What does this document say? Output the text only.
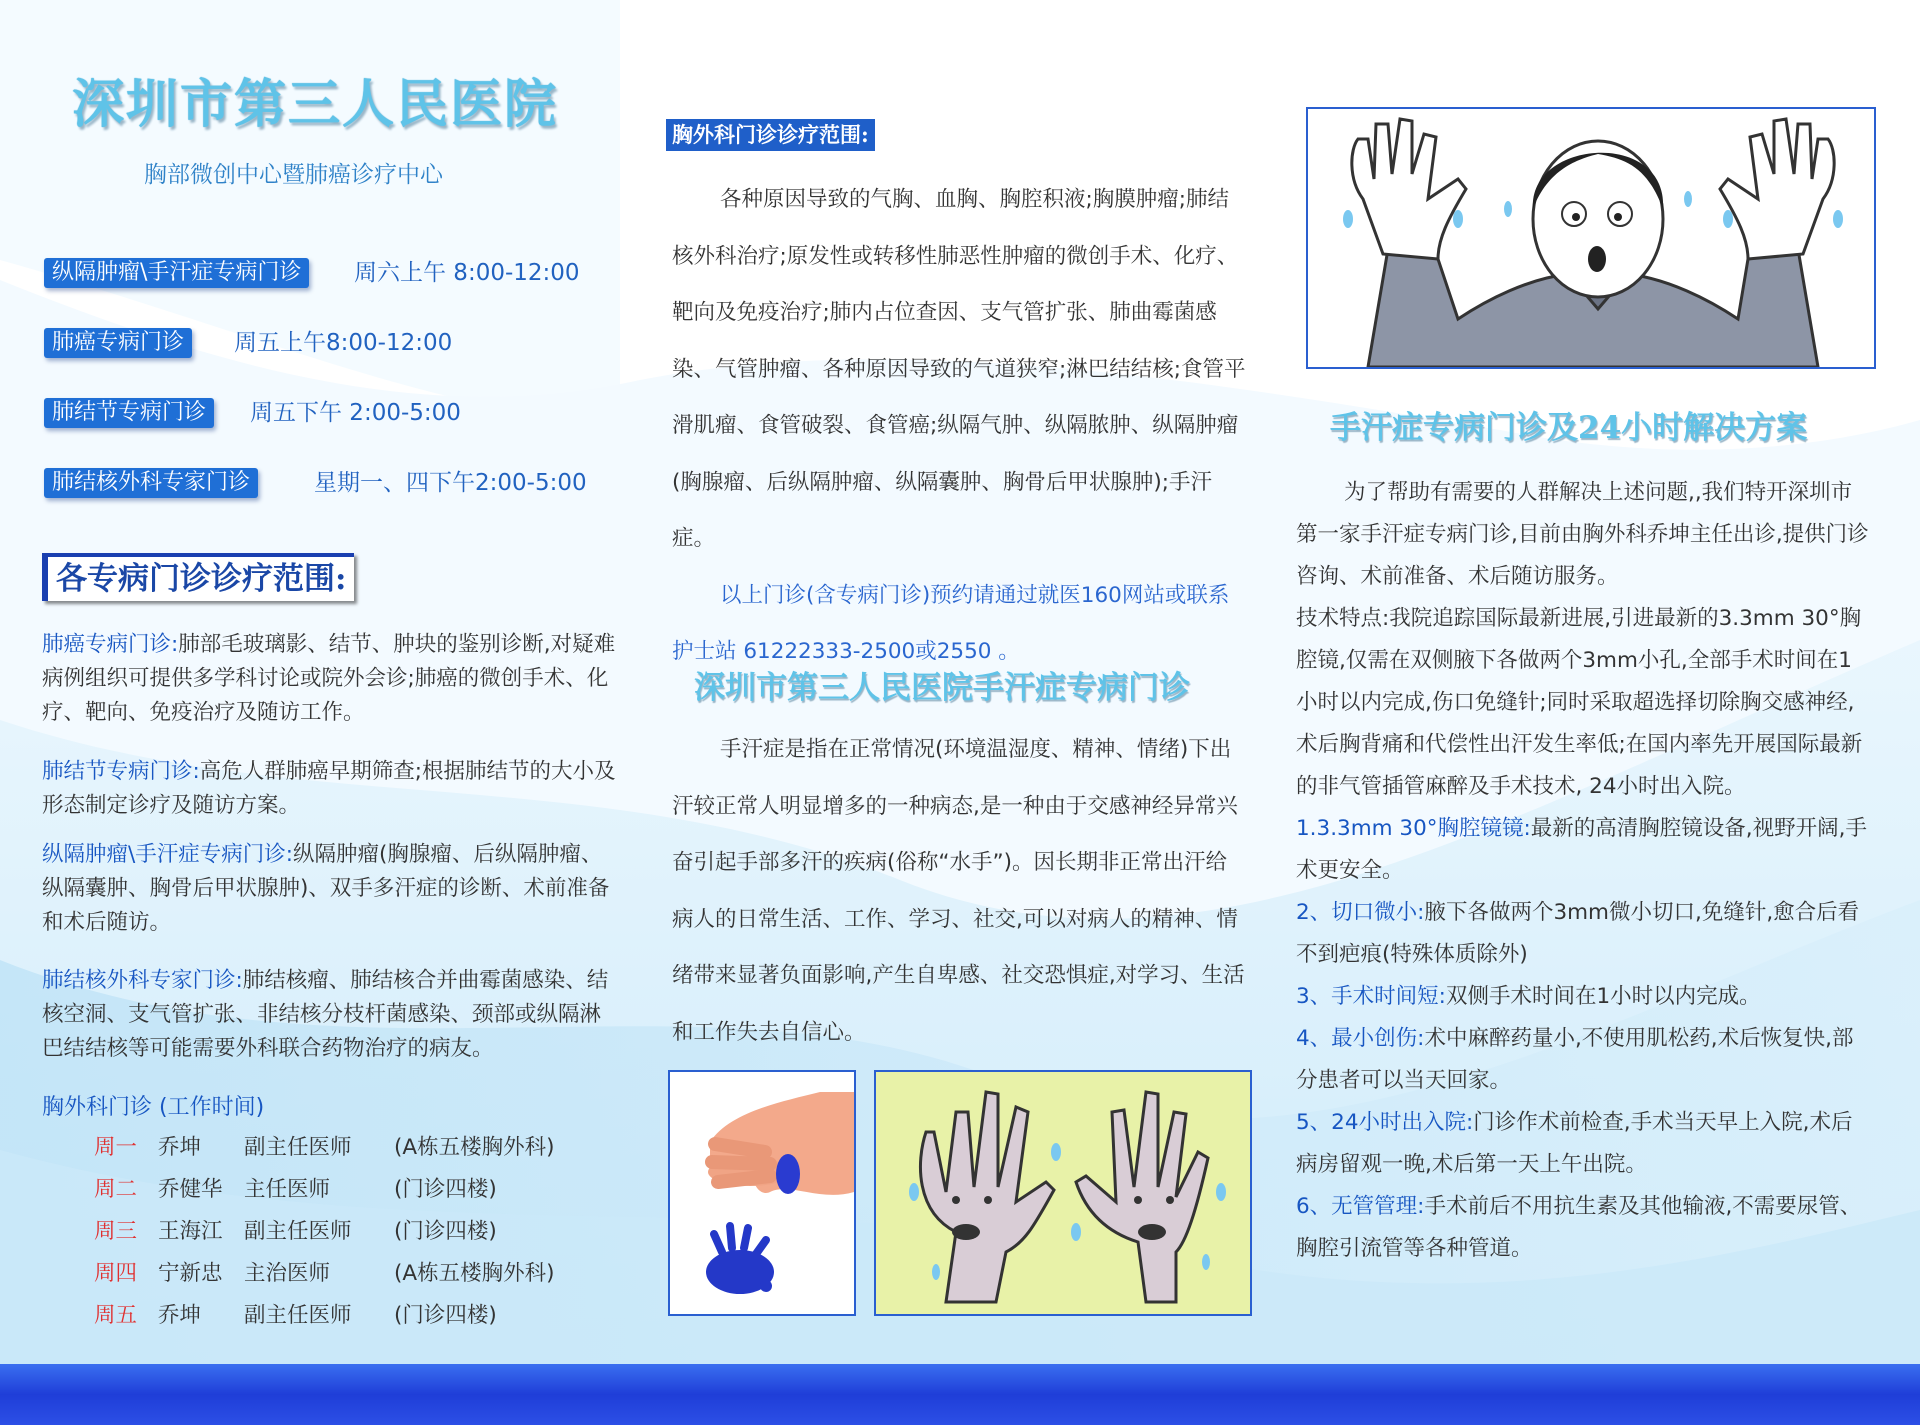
深圳市第三人民医院
胸部微创中心暨肺癌诊疗中心
纵隔肿瘤\手汗症专病门诊	周六上午 8:00-12:00
肺癌专病门诊	周五上午8:00-12:00
肺结节专病门诊	周五下午 2:00-5:00
肺结核外科专家门诊	星期一、四下午2:00-5:00
各专病门诊诊疗范围:
肺癌专病门诊:肺部毛玻璃影、结节、肿块的鉴别诊断,对疑难病例组织可提供多学科讨论或院外会诊;肺癌的微创手术、化疗、靶向、免疫治疗及随访工作。
肺结节专病门诊:高危人群肺癌早期筛查;根据肺结节的大小及形态制定诊疗及随访方案。
纵隔肿瘤\手汗症专病门诊:纵隔肿瘤(胸腺瘤、后纵隔肿瘤、纵隔囊肿、胸骨后甲状腺肿)、双手多汗症的诊断、术前准备和术后随访。
肺结核外科专家门诊:肺结核瘤、肺结核合并曲霉菌感染、结核空洞、支气管扩张、非结核分枝杆菌感染、颈部或纵隔淋巴结结核等可能需要外科联合药物治疗的病友。
胸外科门诊 (工作时间)
周一 乔坤 副主任医师 (A栋五楼胸外科)
周二 乔健华 主任医师	(门诊四楼)
周三 王海江 副主任医师 (门诊四楼)
周四 宁新忠 主治医师	(A栋五楼胸外科)
周五 乔坤 副主任医师 (门诊四楼)
胸外科门诊诊疗范围:

各种原因导致的气胸、血胸、胸腔积液;胸膜肿瘤;肺结核外科治疗;原发性或转移性肺恶性肿瘤的微创手术、化疗、靶向及免疫治疗;肺内占位查因、支气管扩张、肺曲霉菌感染、气管肿瘤、各种原因导致的气道狭窄;淋巴结结核;食管平滑肌瘤、食管破裂、食管癌;纵隔气肿、纵隔脓肿、纵隔肿瘤(胸腺瘤、后纵隔肿瘤、纵隔囊肿、胸骨后甲状腺肿);手汗症。

以上门诊(含专病门诊)预约请通过就医160网站或联系护士站 61222333-2500或2550 。

深圳市第三人民医院手汗症专病门诊

手汗症是指在正常情况(环境温湿度、精神、情绪)下出汗较正常人明显增多的一种病态,是一种由于交感神经异常兴奋引起手部多汗的疾病(俗称“水手”)。因长期非正常出汗给病人的日常生活、工作、学习、社交,可以对病人的精神、情绪带来显著负面影响,产生自卑感、社交恐惧症,对学习、生活和工作失去自信心。

手汗症专病门诊及24小时解决方案

为了帮助有需要的人群解决上述问题,,我们特开深圳市第一家手汗症专病门诊,目前由胸外科乔坤主任出诊,提供门诊咨询、术前准备、术后随访服务。

技术特点:我院追踪国际最新进展,引进最新的3.3mm 30°胸腔镜,仅需在双侧腋下各做两个3mm小孔,全部手术时间在1小时以内完成,伤口免缝针;同时采取超选择切除胸交感神经,术后胸背痛和代偿性出汗发生率低;在国内率先开展国际最新的非气管插管麻醉及手术技术, 24小时出入院。

1.3.3mm 30°胸腔镜镜:最新的高清胸腔镜设备,视野开阔,手术更安全。

2、切口微小:腋下各做两个3mm微小切口,免缝针,愈合后看不到疤痕(特殊体质除外)

3、手术时间短:双侧手术时间在1小时以内完成。

4、最小创伤:术中麻醉药量小,不使用肌松药,术后恢复快,部分患者可以当天回家。

5、24小时出入院:门诊作术前检查,手术当天早上入院,术后病房留观一晚,术后第一天上午出院。

6、无管管理:手术前后不用抗生素及其他输液,不需要尿管、胸腔引流管等各种管道。
